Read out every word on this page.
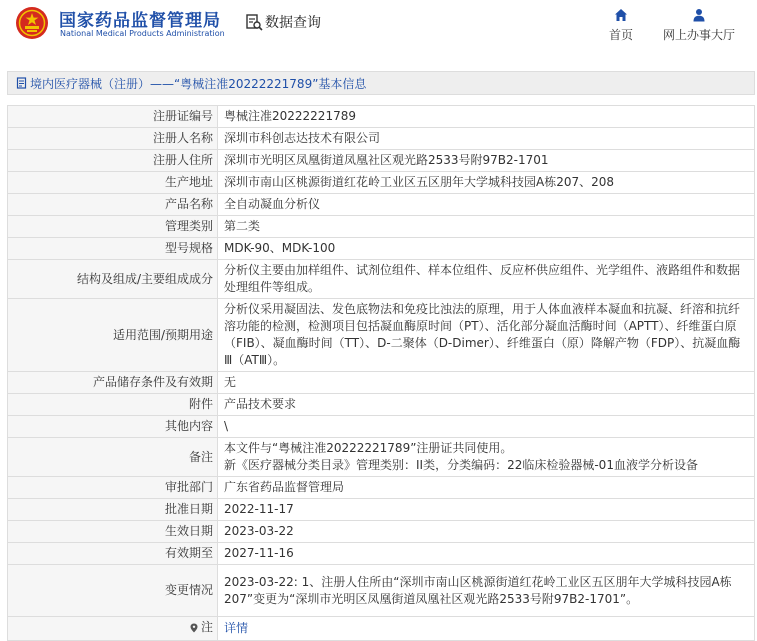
国家药品监督管理局
National Medical Products Administration
数据查询
首页	网上办事大厅
境内医疗器械（注册）——“粤械注准20222221789”基本信息
注册证编号	粤械注准20222221789
注册人名称	深圳市科创志达技术有限公司
注册人住所	深圳市光明区凤凰街道凤凰社区观光路2533号附97B2-1701
生产地址	深圳市南山区桃源街道红花岭工业区五区朋年大学城科技园A栋207、208
产品名称	全自动凝血分析仪
管理类别	第二类
型号规格	MDK-90、MDK-100
结构及组成/主要组成成分	分析仪主要由加样组件、试剂位组件、样本位组件、反应杯供应组件、光学组件、液路组件和数据处理组件等组成。
适用范围/预期用途	分析仪采用凝固法、发色底物法和免疫比浊法的原理，用于人体血液样本凝血和抗凝、纤溶和抗纤溶功能的检测，检测项目包括凝血酶原时间（PT）、活化部分凝血活酶时间（APTT）、纤维蛋白原（FIB）、凝血酶时间（TT）、D-二聚体（D-Dimer）、纤维蛋白（原）降解产物（FDP）、抗凝血酶Ⅲ（ATⅢ）。
产品储存条件及有效期	无
附件	产品技术要求
其他内容	\
备注	本文件与“粤械注准20222221789”注册证共同使用。
新《医疗器械分类目录》管理类别：II类，分类编码：22临床检验器械-01血液学分析设备

审批部门	广东省药品监督管理局
批准日期	2022-11-17
生效日期	2023-03-22
有效期至	2027-11-16
变更情况	2023-03-22: 1、注册人住所由“深圳市南山区桃源街道红花岭工业区五区朋年大学城科技园A栋207”变更为“深圳市光明区凤凰街道凤凰社区观光路2533号附97B2-1701”。

注	详情
